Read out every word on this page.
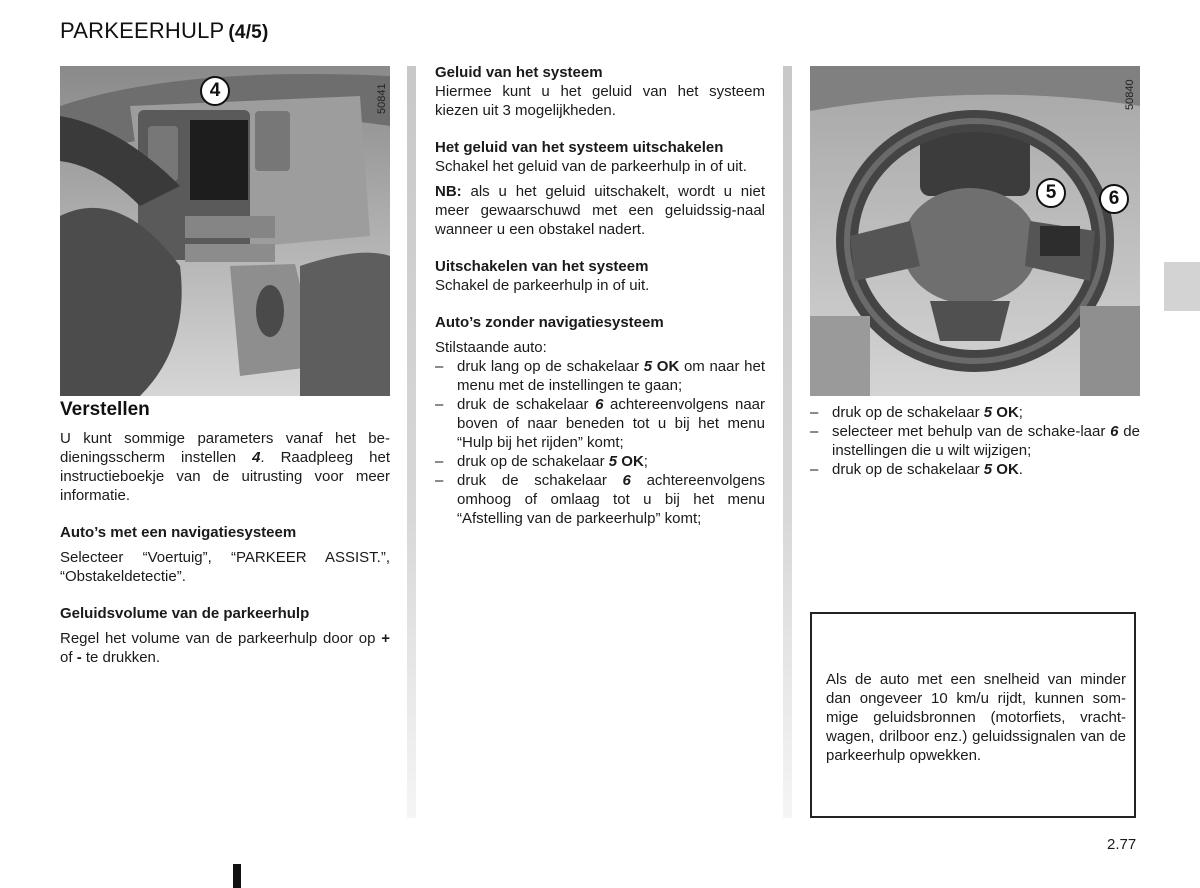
PARKEERHULP (4/5)
4	50841
5	6
50840
Verstellen

U kunt sommige parameters vanaf het be-dieningsscherm instellen 4. Raadpleeg het instructieboekje van de uitrusting voor meer informatie.

Auto’s met een navigatiesysteem

Selecteer “Voertuig”, “PARKEER ASSIST.”, “Obstakeldetectie”.

Geluidsvolume van de parkeerhulp

Regel het volume van de parkeerhulp door op + of - te drukken.

Geluid van het systeem

Hiermee kunt u het geluid van het systeem kiezen uit 3 mogelijkheden.

Het geluid van het systeem uitschakelen

Schakel het geluid van de parkeerhulp in of uit.

NB: als u het geluid uitschakelt, wordt u niet meer gewaarschuwd met een geluidssig-naal wanneer u een obstakel nadert.

Uitschakelen van het systeem

Schakel de parkeerhulp in of uit.

Auto’s zonder navigatiesysteem

Stilstaande auto:

– druk lang op de schakelaar 5 OK om naar het menu met de instellingen te gaan;
– druk de schakelaar 6 achtereenvolgens naar boven of naar beneden tot u bij het menu “Hulp bij het rijden” komt;
– druk op de schakelaar 5 OK;
– druk de schakelaar 6 achtereenvolgens omhoog of omlaag tot u bij het menu “Afstelling van de parkeerhulp” komt;
– druk op de schakelaar 5 OK;
– selecteer met behulp van de schake-laar 6 de instellingen die u wilt wijzigen;
– druk op de schakelaar 5 OK.
Als de auto met een snelheid van minder dan ongeveer 10 km/u rijdt, kunnen som-mige geluidsbronnen (motorfiets, vracht-wagen, drilboor enz.) geluidssignalen van de parkeerhulp opwekken.
2.77
